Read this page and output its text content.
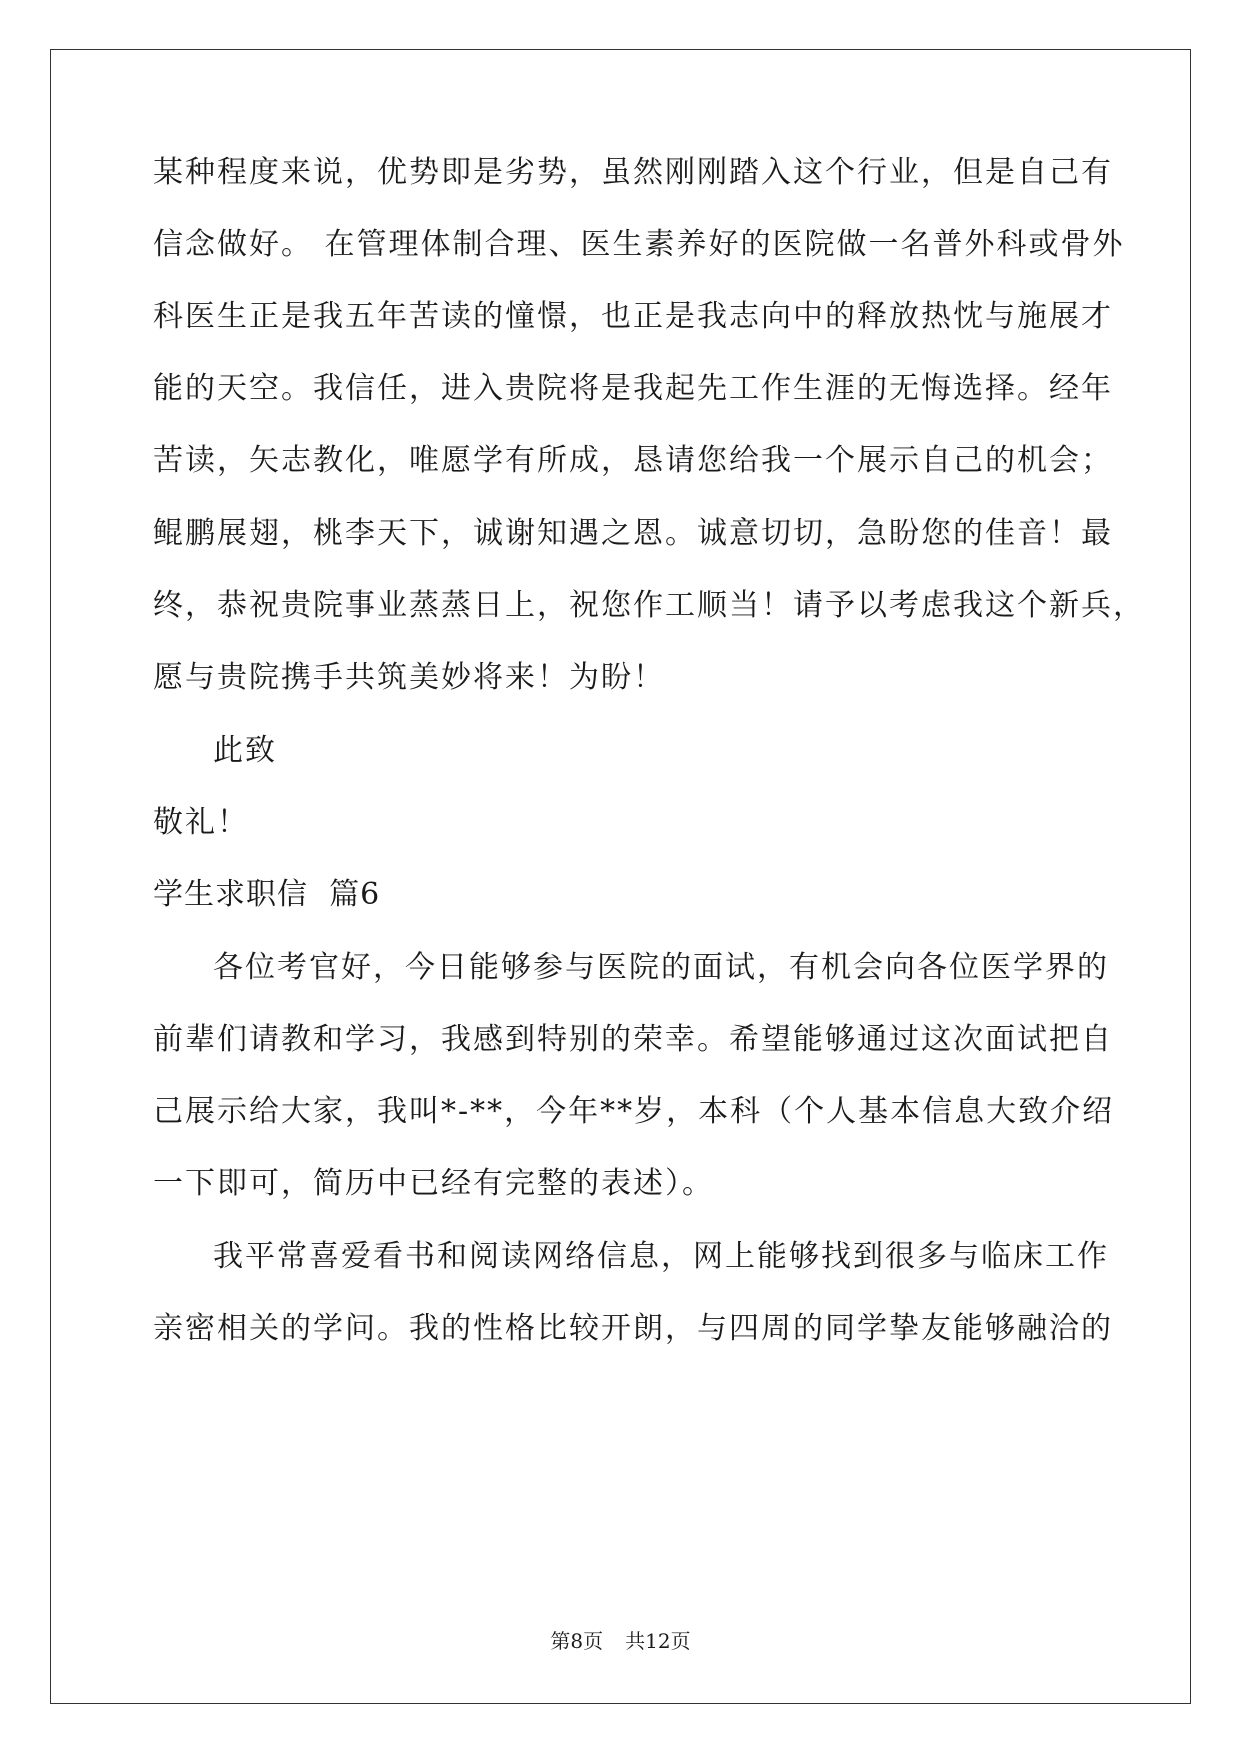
某种程度来说，优势即是劣势，虽然刚刚踏入这个行业，但是自己有
信念做好。 在管理体制合理、医生素养好的医院做一名普外科或骨外
科医生正是我五年苦读的憧憬，也正是我志向中的释放热忱与施展才
能的天空。我信任，进入贵院将是我起先工作生涯的无悔选择。经年
苦读，矢志教化，唯愿学有所成，恳请您给我一个展示自己的机会；
鲲鹏展翅，桃李天下，诚谢知遇之恩。诚意切切，急盼您的佳音！最
终，恭祝贵院事业蒸蒸日上，祝您作工顺当！请予以考虑我这个新兵，
愿与贵院携手共筑美妙将来！为盼！
此致
敬礼！
学生求职信  篇6
各位考官好，今日能够参与医院的面试，有机会向各位医学界的
前辈们请教和学习，我感到特别的荣幸。希望能够通过这次面试把自
己展示给大家，我叫*-**，今年**岁，本科（个人基本信息大致介绍
一下即可，简历中已经有完整的表述）。
我平常喜爱看书和阅读网络信息，网上能够找到很多与临床工作
亲密相关的学问。我的性格比较开朗，与四周的同学挚友能够融洽的
第8页 共12页
